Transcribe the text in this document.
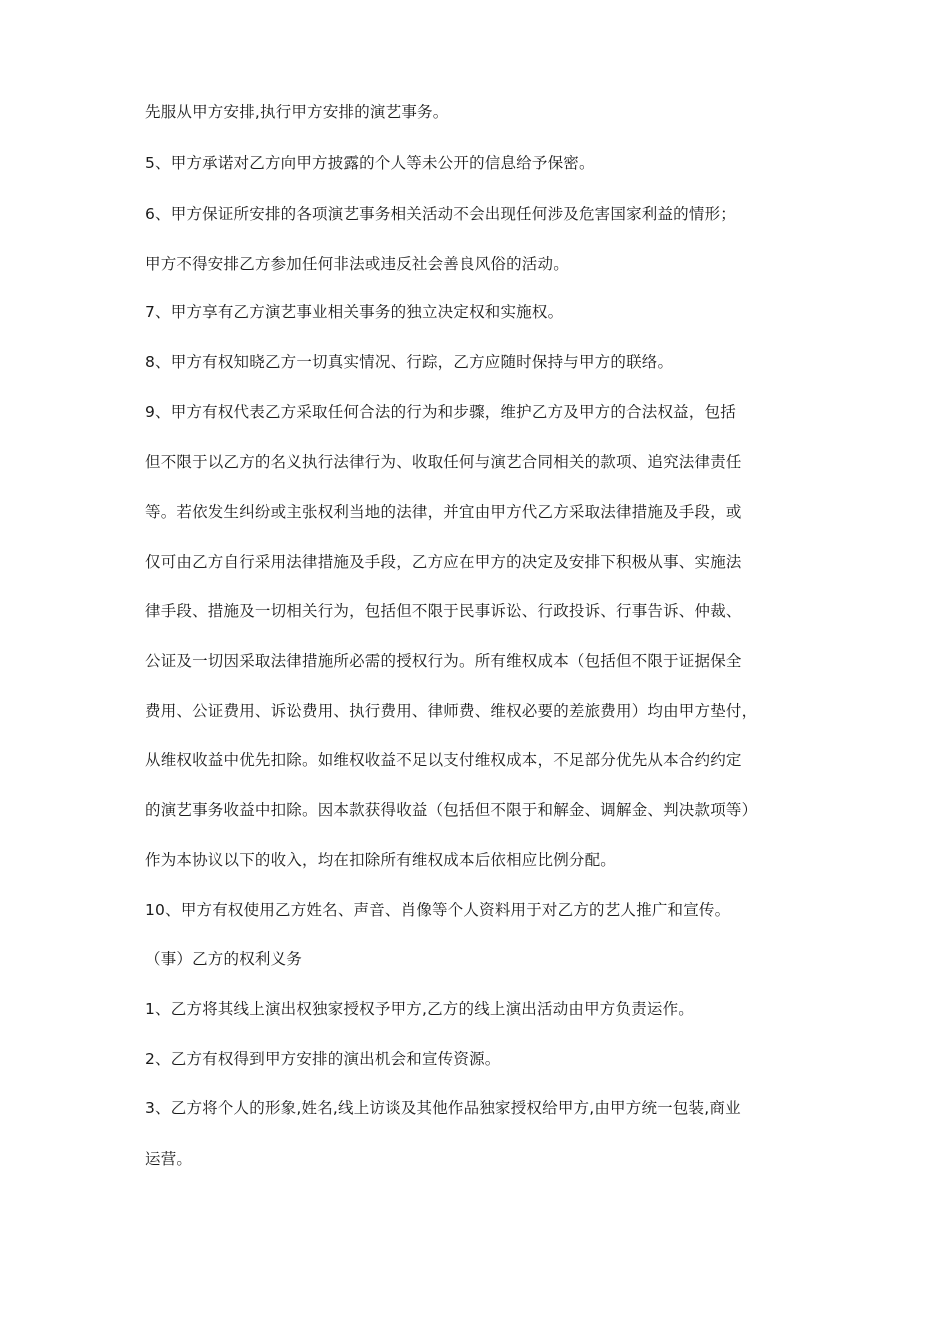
先服从甲方安排,执行甲方安排的演艺事务。
5、甲方承诺对乙方向甲方披露的个人等未公开的信息给予保密。
6、甲方保证所安排的各项演艺事务相关活动不会出现任何涉及危害国家利益的情形；
甲方不得安排乙方参加任何非法或违反社会善良风俗的活动。
7、甲方享有乙方演艺事业相关事务的独立决定权和实施权。
8、甲方有权知晓乙方一切真实情况、行踪，乙方应随时保持与甲方的联络。
9、甲方有权代表乙方采取任何合法的行为和步骤，维护乙方及甲方的合法权益，包括
但不限于以乙方的名义执行法律行为、收取任何与演艺合同相关的款项、追究法律责任
等。若依发生纠纷或主张权利当地的法律，并宜由甲方代乙方采取法律措施及手段，或
仅可由乙方自行采用法律措施及手段，乙方应在甲方的决定及安排下积极从事、实施法
律手段、措施及一切相关行为，包括但不限于民事诉讼、行政投诉、行事告诉、仲裁、
公证及一切因采取法律措施所必需的授权行为。所有维权成本（包括但不限于证据保全
费用、公证费用、诉讼费用、执行费用、律师费、维权必要的差旅费用）均由甲方垫付，
从维权收益中优先扣除。如维权收益不足以支付维权成本，不足部分优先从本合约约定
的演艺事务收益中扣除。因本款获得收益（包括但不限于和解金、调解金、判决款项等）
作为本协议以下的收入，均在扣除所有维权成本后依相应比例分配。
10、甲方有权使用乙方姓名、声音、肖像等个人资料用于对乙方的艺人推广和宣传。
（事）乙方的权利义务
1、乙方将其线上演出权独家授权予甲方,乙方的线上演出活动由甲方负责运作。
2、乙方有权得到甲方安排的演出机会和宣传资源。
3、乙方将个人的形象,姓名,线上访谈及其他作品独家授权给甲方,由甲方统一包装,商业
运营。
